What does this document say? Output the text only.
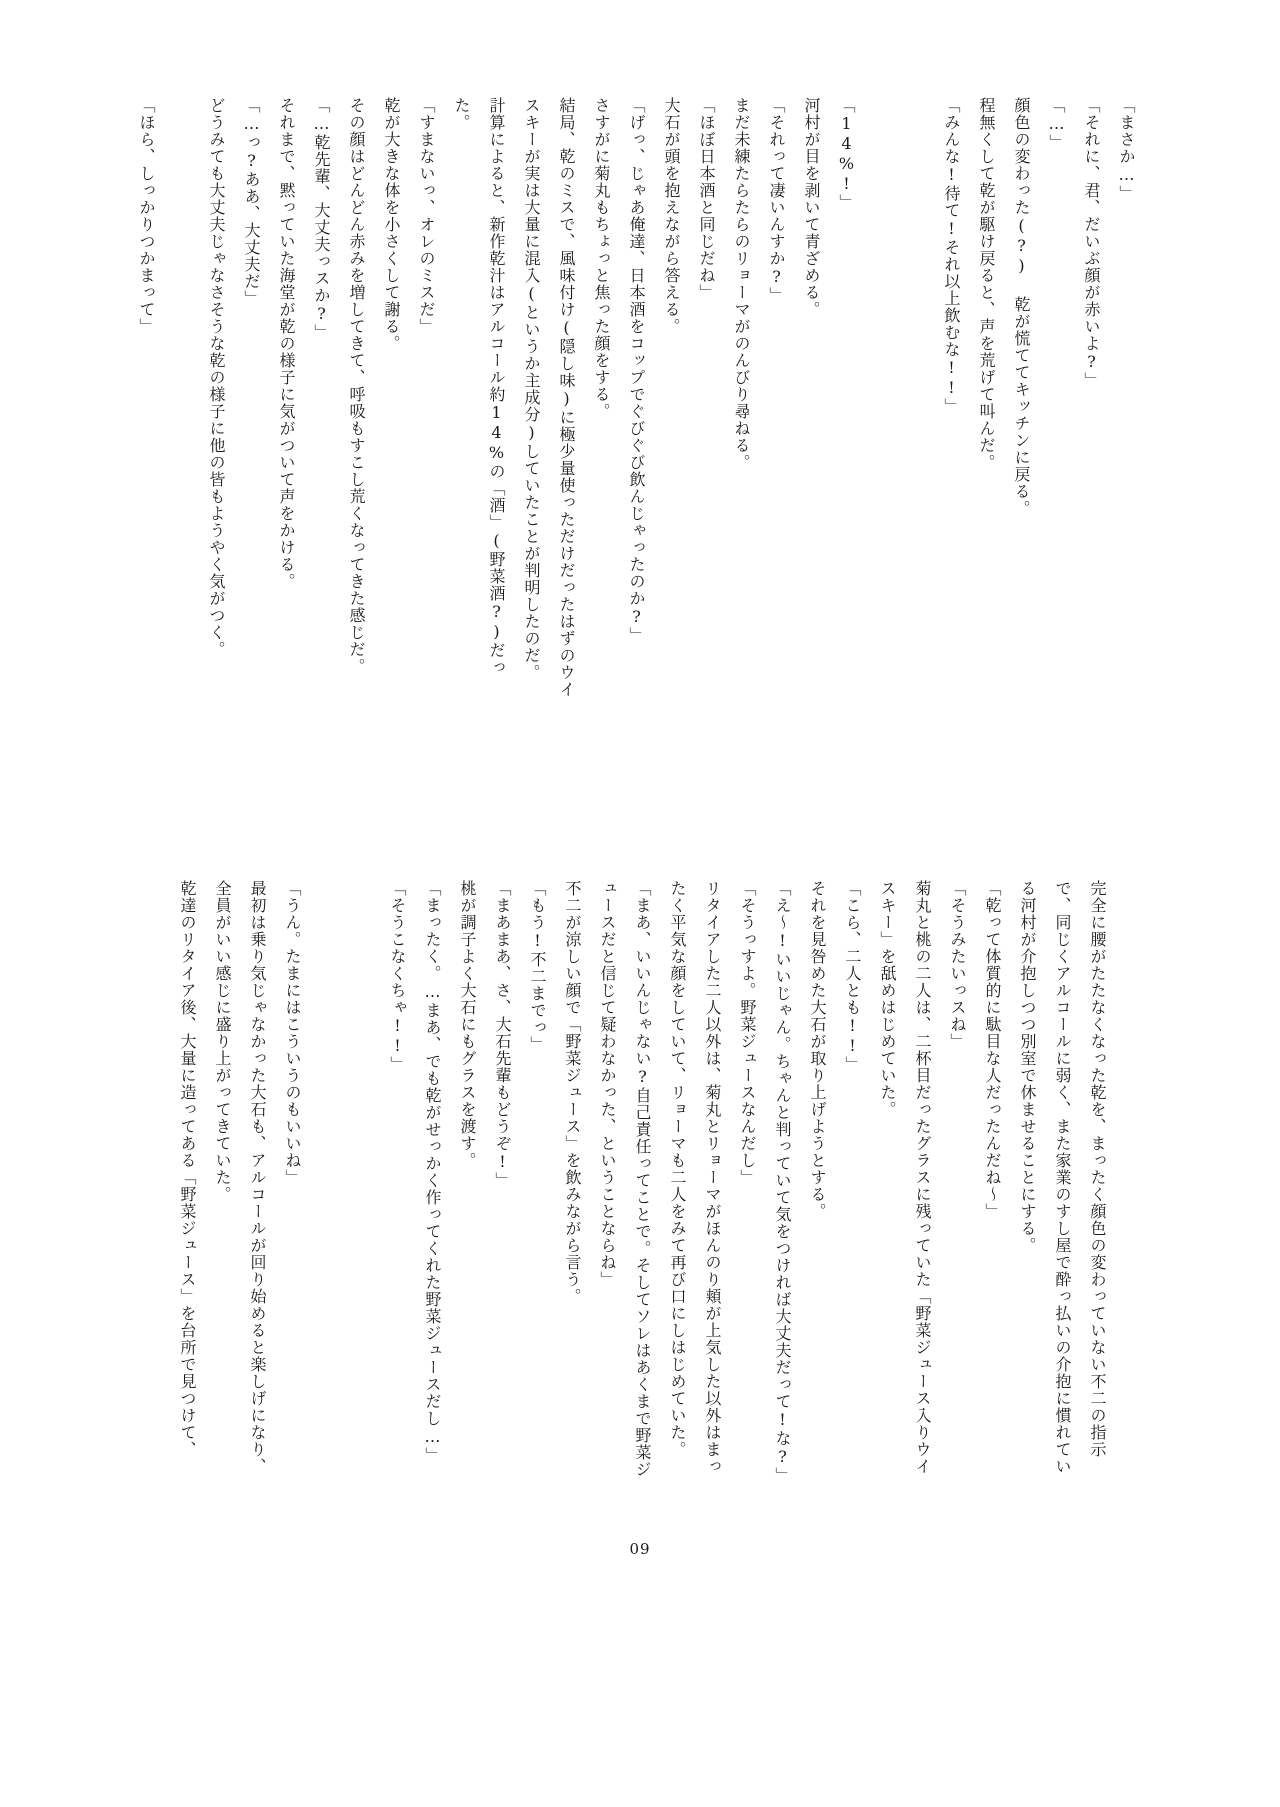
「まさか…」

「それに、君、だいぶ顔が赤いよ?」

「…」

顔色の変わった(?) 乾が慌ててキッチンに戻る。

程無くして乾が駆け戻ると、声を荒げて叫んだ。

「みんな!待て!それ以上飲むな!!」

「14%!」

河村が目を剥いて青ざめる。

「それって凄いんすか?」

まだ未練たらたらのリョーマがのんびり尋ねる。

「ほぼ日本酒と同じだね」

大石が頭を抱えながら答える。

「げっ、じゃあ俺達、日本酒をコップでぐびぐび飲んじゃったのか?」

さすがに菊丸もちょっと焦った顔をする。

結局、乾のミスで、風味付け(隠し味)に極少量使っただけだったはずのウイスキーが実は大量に混入(というか主成分)していたことが判明したのだ。

計算によると、新作乾汁はアルコール約14%の「酒」(野菜酒?)だった。

「すまないっ、オレのミスだ」

乾が大きな体を小さくして謝る。

その顔はどんどん赤みを増してきて、呼吸もすこし荒くなってきた感じだ。

「…乾先輩、大丈夫っスか?」

それまで、黙っていた海堂が乾の様子に気がついて声をかける。

「…っ?ああ、大丈夫だ」

どうみても大丈夫じゃなさそうな乾の様子に他の皆もようやく気がつく。

「ほら、しっかりつかまって」

完全に腰がたたなくなった乾を、まったく顔色の変わっていない不二の指示で、同じくアルコールに弱く、また家業のすし屋で酔っ払いの介抱に慣れている河村が介抱しつつ別室で休ませることにする。

「乾って体質的に駄目な人だったんだね〜」

「そうみたいっスね」

菊丸と桃の二人は、二杯目だったグラスに残っていた「野菜ジュース入りウイスキー」を舐めはじめていた。

「こら、二人とも!!」

それを見咎めた大石が取り上げようとする。

「え〜!いいじゃん。ちゃんと判っていて気をつければ大丈夫だって!な?」

「そうっすよ。野菜ジュースなんだし」

リタイアした二人以外は、菊丸とリョーマがほんのり頬が上気した以外はまったく平気な顔をしていて、リョーマも二人をみて再び口にしはじめていた。

「まあ、いいんじゃない?自己責任ってことで。そしてソレはあくまで野菜ジュースだと信じて疑わなかった、ということならね」

不二が涼しい顔で「野菜ジュース」を飲みながら言う。

「もう!不二までっ」

「まあまあ、さ、大石先輩もどうぞ!」

桃が調子よく大石にもグラスを渡す。

「まったく。…まあ、でも乾がせっかく作ってくれた野菜ジュースだし…」

「そうこなくちゃ!!」

「うん。たまにはこういうのもいいね」

最初は乗り気じゃなかった大石も、アルコールが回り始めると楽しげになり、全員がいい感じに盛り上がってきていた。

乾達のリタイア後、大量に造ってある「野菜ジュース」を台所で見つけて、

09
